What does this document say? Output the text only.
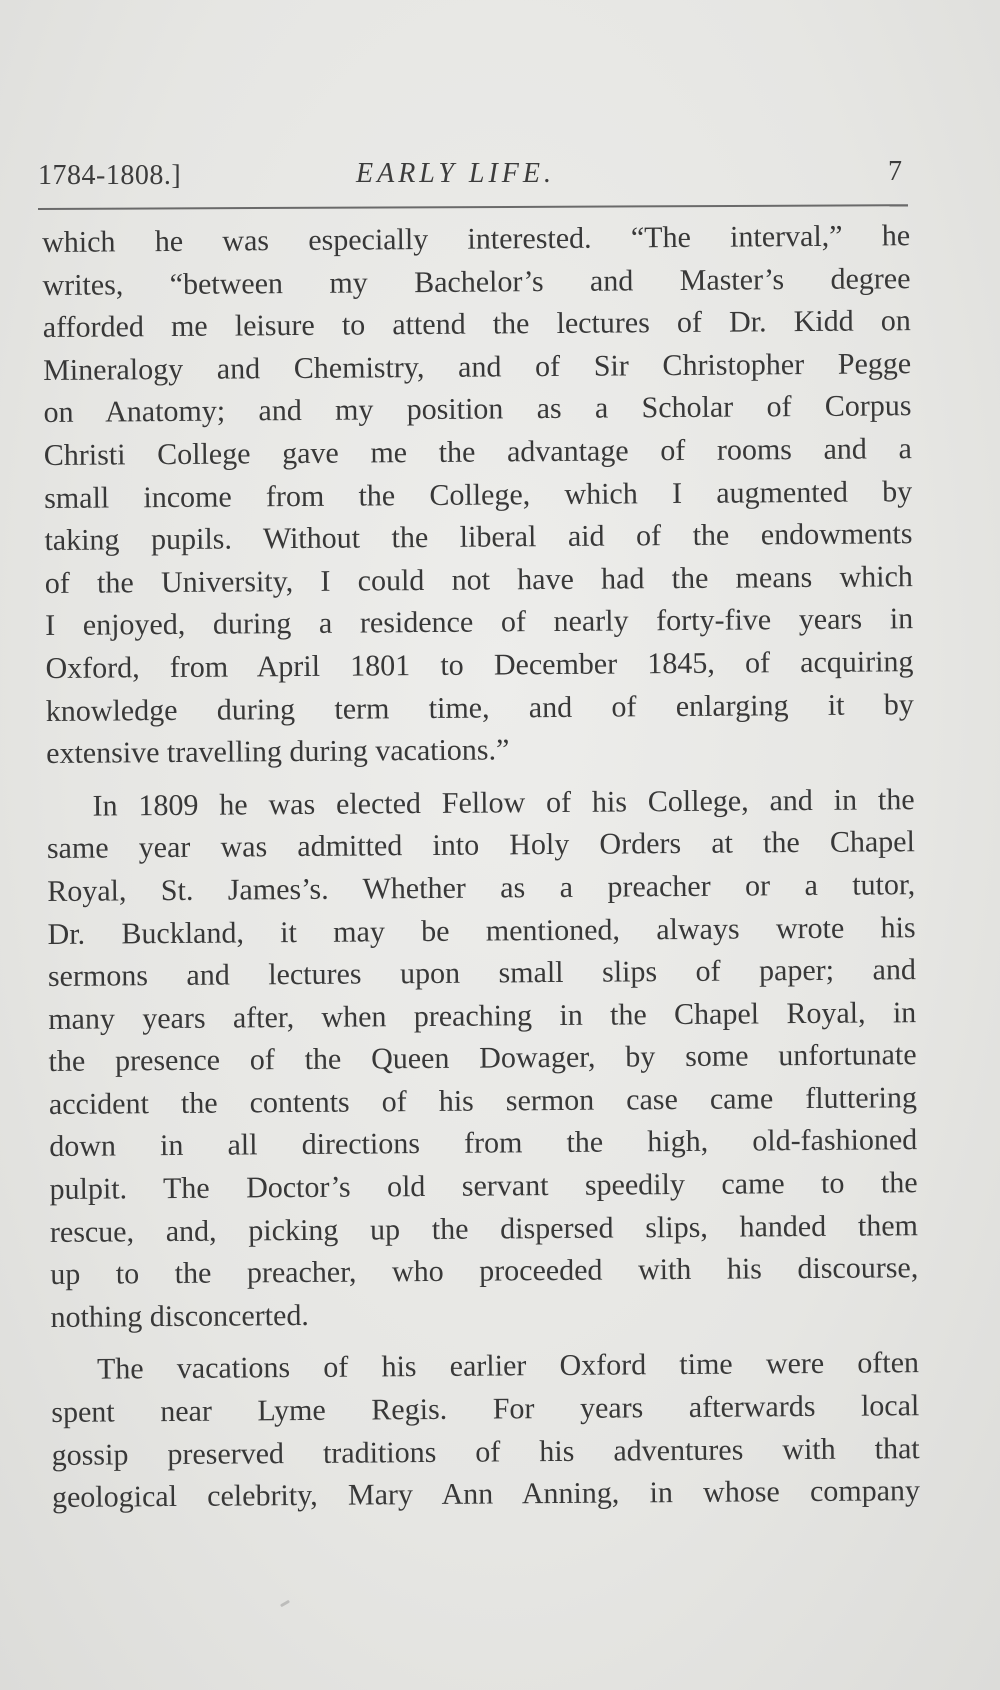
1784-1808.]	EARLY LIFE.	7
which he was especially interested. “The interval,” he
writes, “between my Bachelor’s and Master’s degree
afforded me leisure to attend the lectures of Dr. Kidd on
Mineralogy and Chemistry, and of Sir Christopher Pegge
on Anatomy; and my position as a Scholar of Corpus
Christi College gave me the advantage of rooms and a
small income from the College, which I augmented by
taking pupils. Without the liberal aid of the endowments
of the University, I could not have had the means which
I enjoyed, during a residence of nearly forty-five years in
Oxford, from April 1801 to December 1845, of acquiring
knowledge during term time, and of enlarging it by
extensive travelling during vacations.”
In 1809 he was elected Fellow of his College, and in the
same year was admitted into Holy Orders at the Chapel
Royal, St. James’s. Whether as a preacher or a tutor,
Dr. Buckland, it may be mentioned, always wrote his
sermons and lectures upon small slips of paper; and
many years after, when preaching in the Chapel Royal, in
the presence of the Queen Dowager, by some unfortunate
accident the contents of his sermon case came fluttering
down in all directions from the high, old-fashioned
pulpit. The Doctor’s old servant speedily came to the
rescue, and, picking up the dispersed slips, handed them
up to the preacher, who proceeded with his discourse,
nothing disconcerted.
The vacations of his earlier Oxford time were often
spent near Lyme Regis. For years afterwards local
gossip preserved traditions of his adventures with that
geological celebrity, Mary Ann Anning, in whose company
